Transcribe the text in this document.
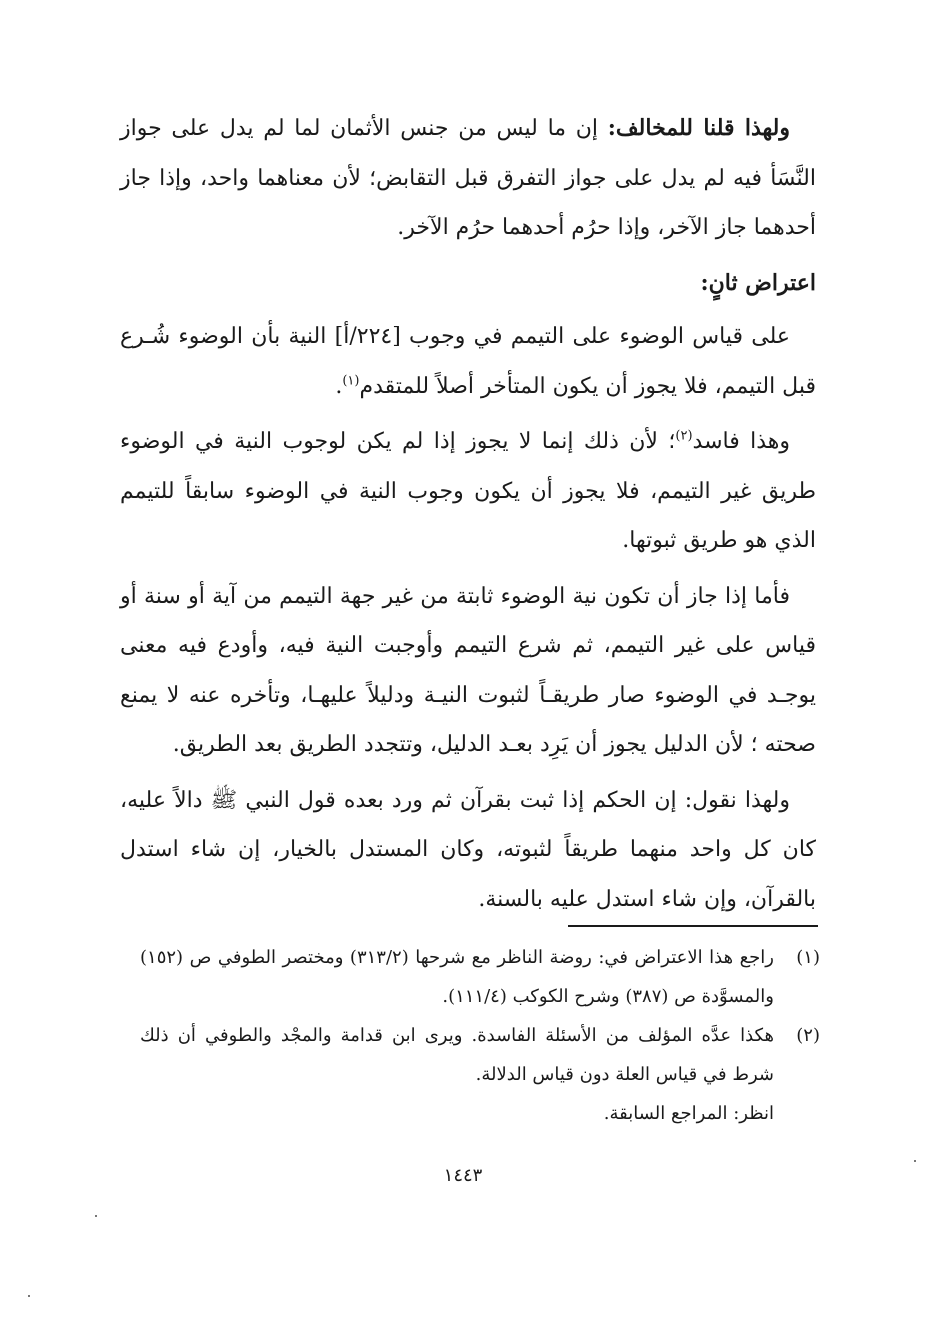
ولهذا قلنا للمخالف: إن ما ليس من جنس الأثمان لما لم يدل على جواز النَّسَأ فيه لم يدل على جواز التفرق قبل التقابض؛ لأن معناهما واحد، وإذا جاز أحدهما جاز الآخر، وإذا حرُم أحدهما حرُم الآخر.

اعتراض ثانٍ:

على قياس الوضوء على التيمم في وجوب [٢٢٤/أ] النية بأن الوضوء شُـرع قبل التيمم، فلا يجوز أن يكون المتأخر أصلاً للمتقدم$^{(١)}$.

وهذا فاسد$^{(٢)}$؛ لأن ذلك إنما لا يجوز إذا لم يكن لوجوب النية في الوضوء طريق غير التيمم، فلا يجوز أن يكون وجوب النية في الوضوء سابقاً للتيمم الذي هو طريق ثبوتها.

فأما إذا جاز أن تكون نية الوضوء ثابتة من غير جهة التيمم من آية أو سنة أو قياس على غير التيمم، ثم شرع التيمم وأوجبت النية فيه، وأودع فيه معنى يوجـد في الوضوء صار طريقـاً لثبوت النيـة ودليلاً عليهـا، وتأخره عنه لا يمنع صحته ؛ لأن الدليل يجوز أن يَرِد بعـد الدليل، وتتجدد الطريق بعد الطريق.

ولهذا نقول: إن الحكم إذا ثبت بقرآن ثم ورد بعده قول النبي ﷺ دالاً عليه، كان كل واحد منهما طريقاً لثبوته، وكان المستدل بالخيار، إن شاء استدل بالقرآن، وإن شاء استدل عليه بالسنة.

(١)

راجع هذا الاعتراض في: روضة الناظر مع شرحها (٣١٣/٢) ومختصر الطوفي ص (١٥٢) والمسوَّدة ص (٣٨٧) وشرح الكوكب (١١١/٤).

(٢)

هكذا عدَّه المؤلف من الأسئلة الفاسدة. ويرى ابن قدامة والمجْد والطوفي أن ذلك شرط في قياس العلة دون قياس الدلالة.

انظر: المراجع السابقة.

١٤٤٣
